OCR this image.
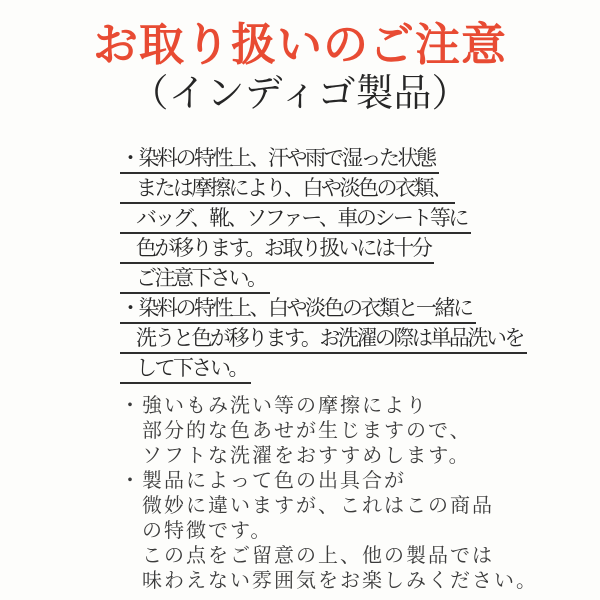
お取り扱いのご注意
（インディゴ製品）
・染料の特性上、汗や雨で湿った状態
または摩擦により、白や淡色の衣類、
バッグ、靴、ソファー、車のシート等に
色が移ります。お取り扱いには十分
ご注意下さい。
・染料の特性上、白や淡色の衣類と一緒に
洗うと色が移ります。お洗濯の際は単品洗いを
して下さい。
・強いもみ洗い等の摩擦により
部分的な色あせが生じますので、
ソフトな洗濯をおすすめします。
・製品によって色の出具合が
微妙に違いますが、これはこの商品
の特徴です。
この点をご留意の上、他の製品では
味わえない雰囲気をお楽しみください。
